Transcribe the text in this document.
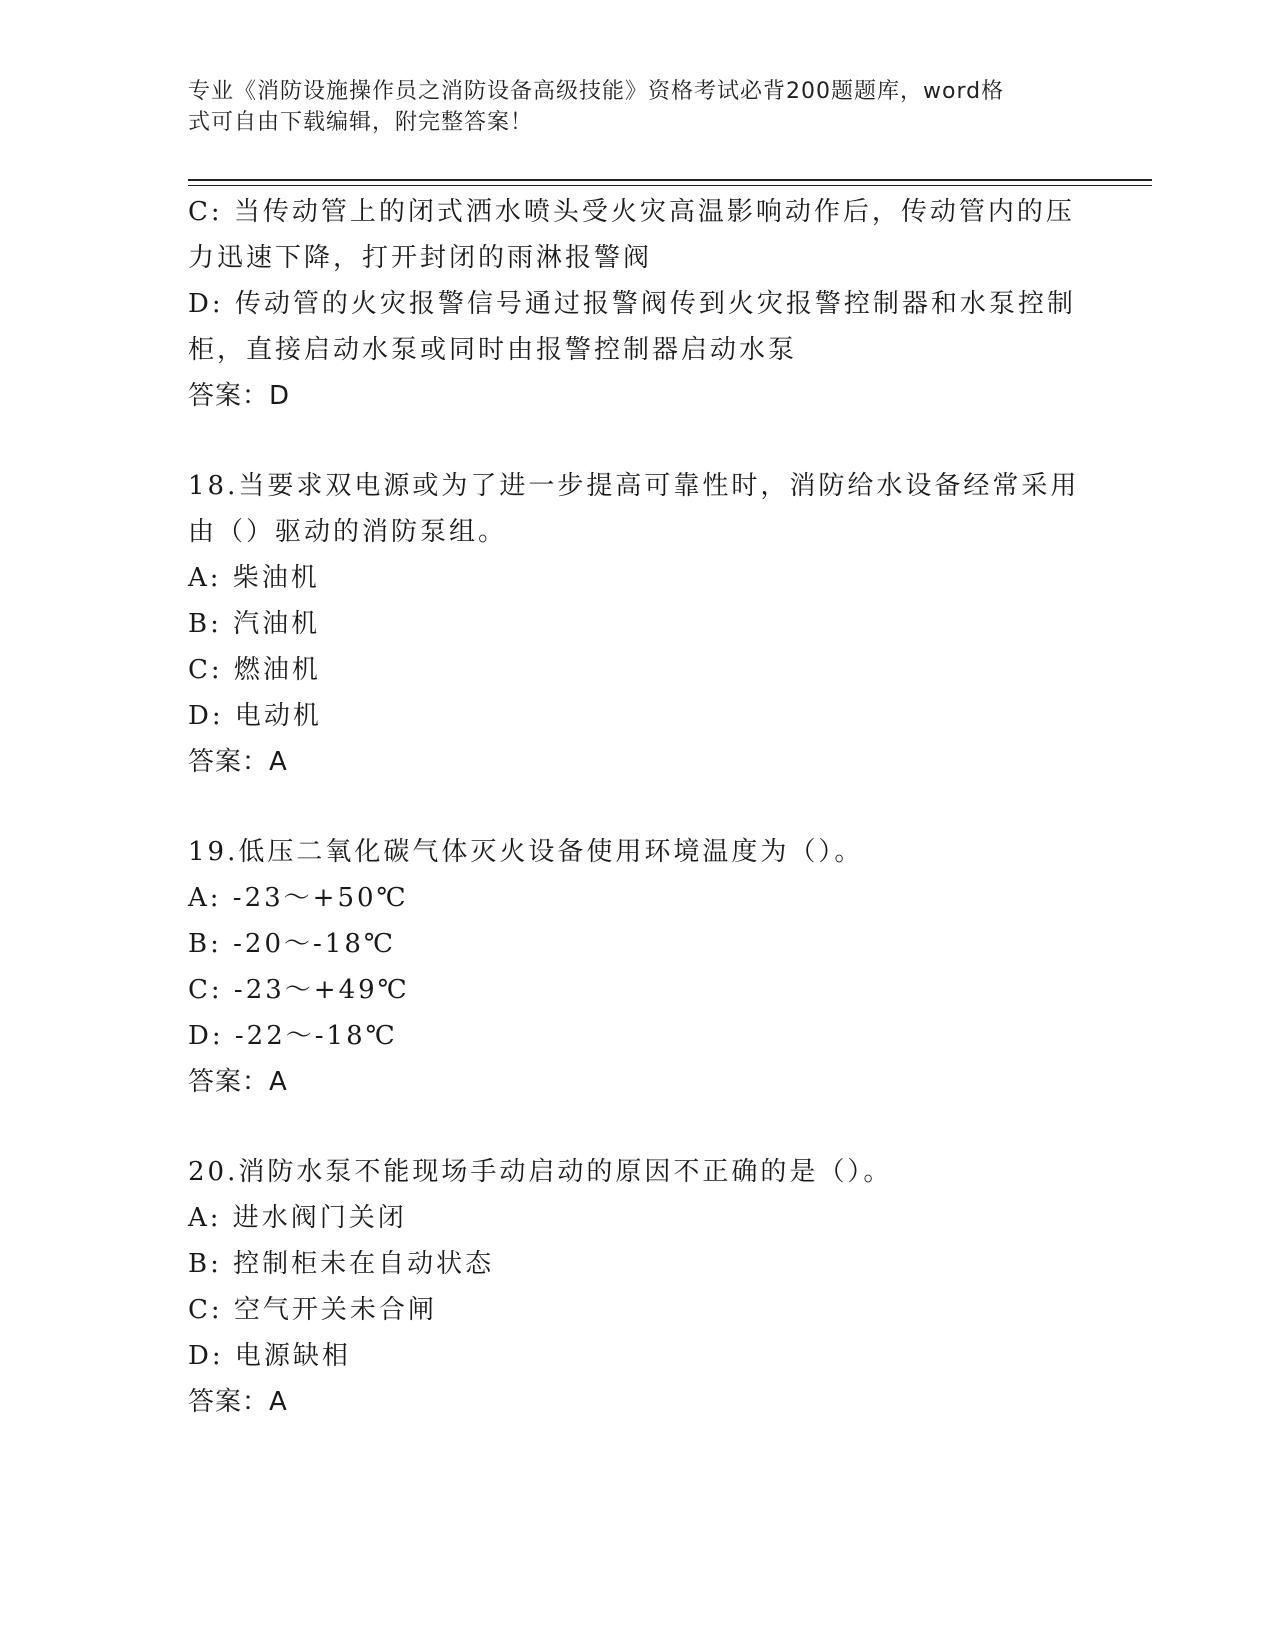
专业《消防设施操作员之消防设备高级技能》资格考试必背200题题库，word格
式可自由下载编辑，附完整答案！
C: 当传动管上的闭式洒水喷头受火灾高温影响动作后，传动管内的压
力迅速下降，打开封闭的雨淋报警阀
D: 传动管的火灾报警信号通过报警阀传到火灾报警控制器和水泵控制
柜，直接启动水泵或同时由报警控制器启动水泵
答案：D
18.当要求双电源或为了进一步提高可靠性时，消防给水设备经常采用
由（）驱动的消防泵组。
A: 柴油机
B: 汽油机
C: 燃油机
D: 电动机
答案：A
19.低压二氧化碳气体灭火设备使用环境温度为（）。
A: -23～+50℃
B: -20～-18℃
C: -23～+49℃
D: -22～-18℃
答案：A
20.消防水泵不能现场手动启动的原因不正确的是（）。
A: 进水阀门关闭
B: 控制柜未在自动状态
C: 空气开关未合闸
D: 电源缺相
答案：A
